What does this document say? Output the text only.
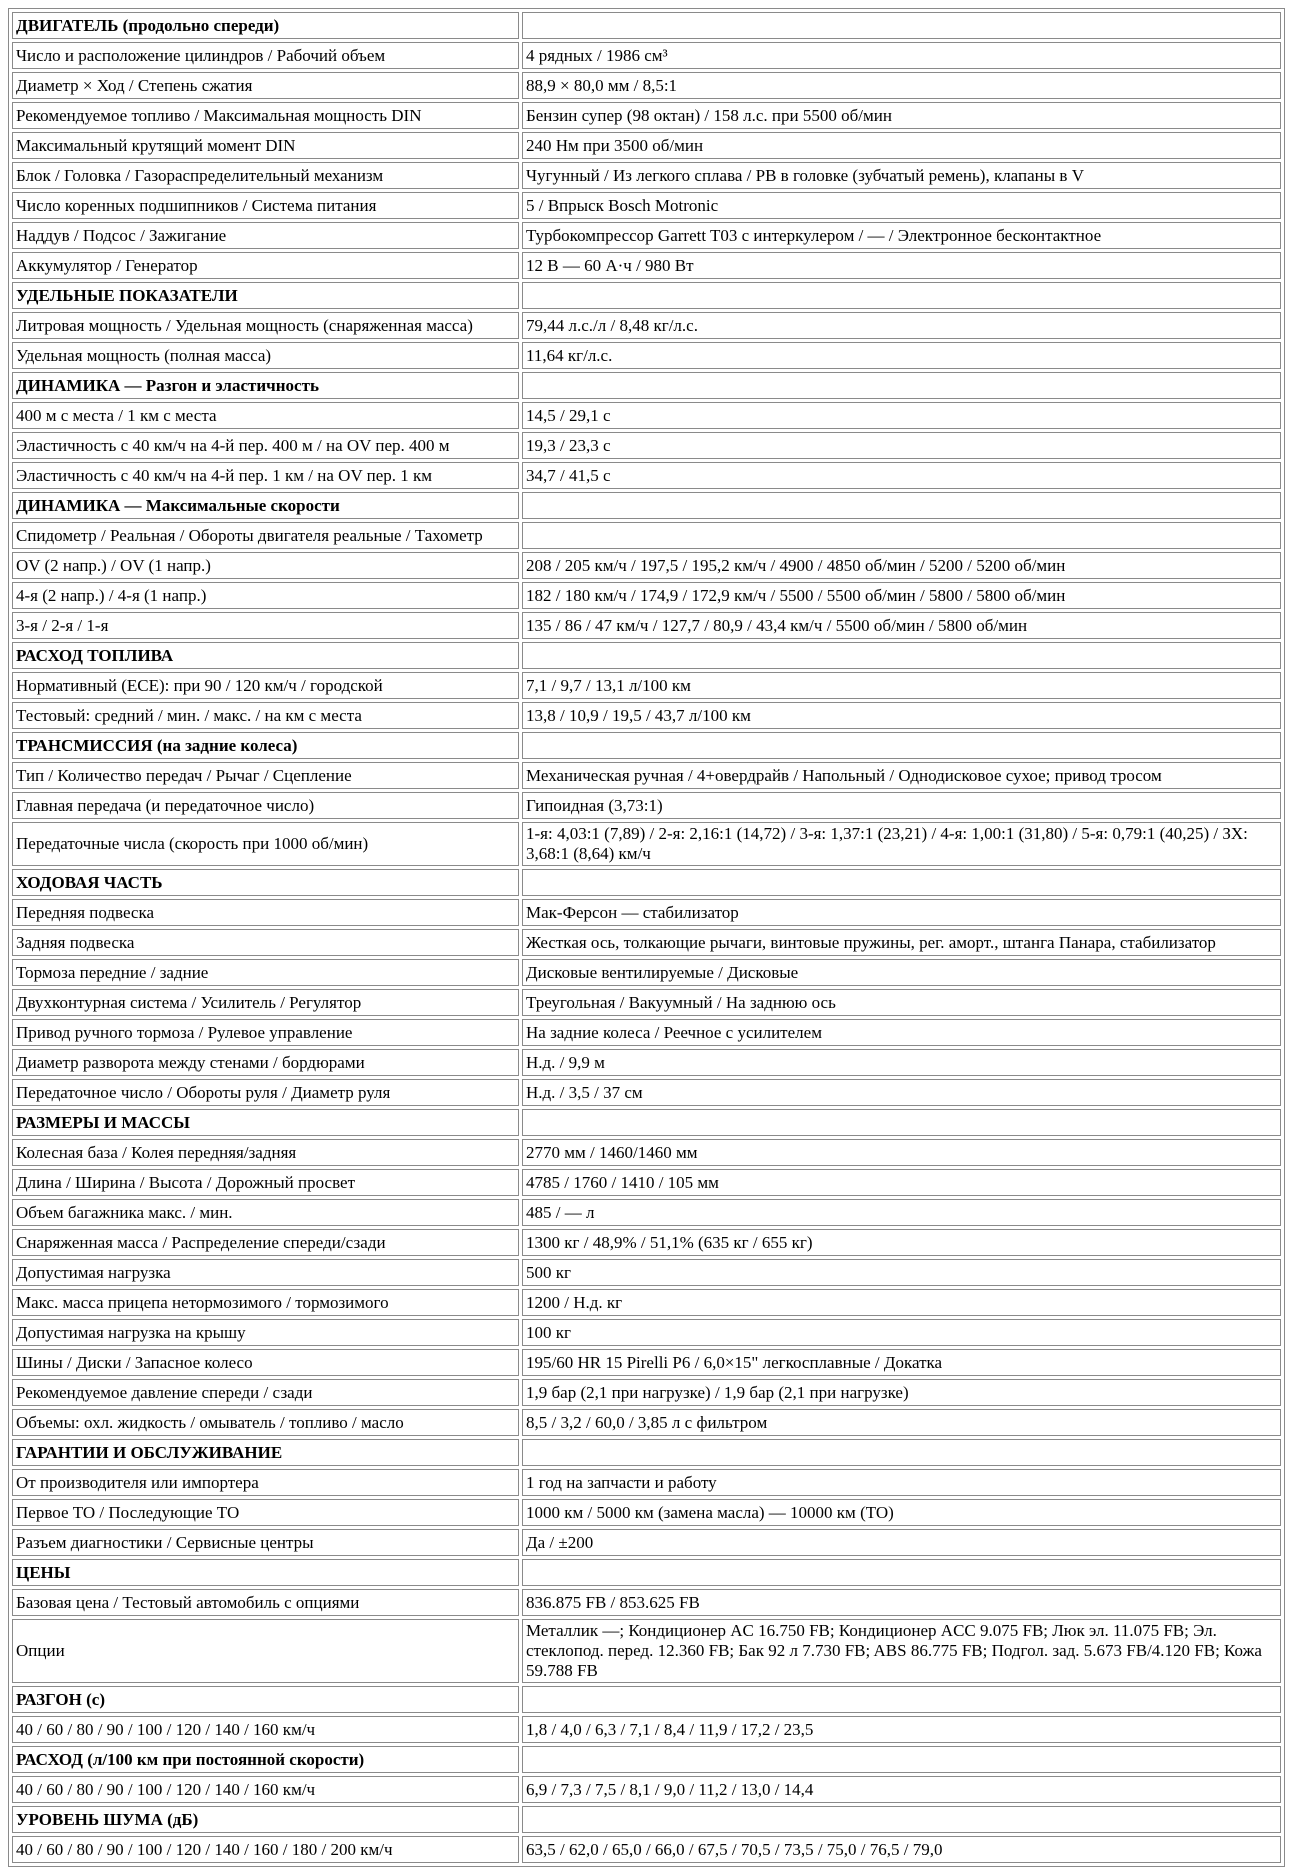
ДВИГАТЕЛЬ (продольно спереди)	
Число и расположение цилиндров / Рабочий объем	4 рядных / 1986 см³
Диаметр × Ход / Степень сжатия	88,9 × 80,0 мм / 8,5:1
Рекомендуемое топливо / Максимальная мощность DIN	Бензин супер (98 октан) / 158 л.с. при 5500 об/мин
Максимальный крутящий момент DIN	240 Нм при 3500 об/мин
Блок / Головка / Газораспределительный механизм	Чугунный / Из легкого сплава / РВ в головке (зубчатый ремень), клапаны в V
Число коренных подшипников / Система питания	5 / Впрыск Bosch Motronic
Наддув / Подсос / Зажигание	Турбокомпрессор Garrett T03 с интеркулером / — / Электронное бесконтактное
Аккумулятор / Генератор	12 В — 60 А·ч / 980 Вт
УДЕЛЬНЫЕ ПОКАЗАТЕЛИ	
Литровая мощность / Удельная мощность (снаряженная масса)	79,44 л.с./л / 8,48 кг/л.с.
Удельная мощность (полная масса)	11,64 кг/л.с.
ДИНАМИКА — Разгон и эластичность	
400 м с места / 1 км с места	14,5 / 29,1 с
Эластичность с 40 км/ч на 4-й пер. 400 м / на OV пер. 400 м	19,3 / 23,3 с
Эластичность с 40 км/ч на 4-й пер. 1 км / на OV пер. 1 км	34,7 / 41,5 с
ДИНАМИКА — Максимальные скорости	
Спидометр / Реальная / Обороты двигателя реальные / Тахометр	
OV (2 напр.) / OV (1 напр.)	208 / 205 км/ч / 197,5 / 195,2 км/ч / 4900 / 4850 об/мин / 5200 / 5200 об/мин
4-я (2 напр.) / 4-я (1 напр.)	182 / 180 км/ч / 174,9 / 172,9 км/ч / 5500 / 5500 об/мин / 5800 / 5800 об/мин
3-я / 2-я / 1-я	135 / 86 / 47 км/ч / 127,7 / 80,9 / 43,4 км/ч / 5500 об/мин / 5800 об/мин
РАСХОД ТОПЛИВА	
Нормативный (ECE): при 90 / 120 км/ч / городской	7,1 / 9,7 / 13,1 л/100 км
Тестовый: средний / мин. / макс. / на км с места	13,8 / 10,9 / 19,5 / 43,7 л/100 км
ТРАНСМИССИЯ (на задние колеса)	
Тип / Количество передач / Рычаг / Сцепление	Механическая ручная / 4+овердрайв / Напольный / Однодисковое сухое; привод тросом
Главная передача (и передаточное число)	Гипоидная (3,73:1)
Передаточные числа (скорость при 1000 об/мин)	1-я: 4,03:1 (7,89) / 2-я: 2,16:1 (14,72) / 3-я: 1,37:1 (23,21) / 4-я: 1,00:1 (31,80) / 5-я: 0,79:1 (40,25) / ЗХ: 3,68:1 (8,64) км/ч
ХОДОВАЯ ЧАСТЬ	
Передняя подвеска	Мак-Ферсон — стабилизатор
Задняя подвеска	Жесткая ось, толкающие рычаги, винтовые пружины, рег. аморт., штанга Панара, стабилизатор
Тормоза передние / задние	Дисковые вентилируемые / Дисковые
Двухконтурная система / Усилитель / Регулятор	Треугольная / Вакуумный / На заднюю ось
Привод ручного тормоза / Рулевое управление	На задние колеса / Реечное с усилителем
Диаметр разворота между стенами / бордюрами	Н.д. / 9,9 м
Передаточное число / Обороты руля / Диаметр руля	Н.д. / 3,5 / 37 см
РАЗМЕРЫ И МАССЫ	
Колесная база / Колея передняя/задняя	2770 мм / 1460/1460 мм
Длина / Ширина / Высота / Дорожный просвет	4785 / 1760 / 1410 / 105 мм
Объем багажника макс. / мин.	485 / — л
Снаряженная масса / Распределение спереди/сзади	1300 кг / 48,9% / 51,1% (635 кг / 655 кг)
Допустимая нагрузка	500 кг
Макс. масса прицепа нетормозимого / тормозимого	1200 / Н.д. кг
Допустимая нагрузка на крышу	100 кг
Шины / Диски / Запасное колесо	195/60 HR 15 Pirelli P6 / 6,0×15" легкосплавные / Докатка
Рекомендуемое давление спереди / сзади	1,9 бар (2,1 при нагрузке) / 1,9 бар (2,1 при нагрузке)
Объемы: охл. жидкость / омыватель / топливо / масло	8,5 / 3,2 / 60,0 / 3,85 л с фильтром
ГАРАНТИИ И ОБСЛУЖИВАНИЕ	
От производителя или импортера	1 год на запчасти и работу
Первое ТО / Последующие ТО	1000 км / 5000 км (замена масла) — 10000 км (ТО)
Разъем диагностики / Сервисные центры	Да / ±200
ЦЕНЫ	
Базовая цена / Тестовый автомобиль с опциями	836.875 FB / 853.625 FB
Опции	Металлик —; Кондиционер AC 16.750 FB; Кондиционер ACC 9.075 FB; Люк эл. 11.075 FB; Эл. стеклопод. перед. 12.360 FB; Бак 92 л 7.730 FB; ABS 86.775 FB; Подгол. зад. 5.673 FB/4.120 FB; Кожа 59.788 FB
РАЗГОН (с)	
40 / 60 / 80 / 90 / 100 / 120 / 140 / 160 км/ч	1,8 / 4,0 / 6,3 / 7,1 / 8,4 / 11,9 / 17,2 / 23,5
РАСХОД (л/100 км при постоянной скорости)	
40 / 60 / 80 / 90 / 100 / 120 / 140 / 160 км/ч	6,9 / 7,3 / 7,5 / 8,1 / 9,0 / 11,2 / 13,0 / 14,4
УРОВЕНЬ ШУМА (дБ)	
40 / 60 / 80 / 90 / 100 / 120 / 140 / 160 / 180 / 200 км/ч	63,5 / 62,0 / 65,0 / 66,0 / 67,5 / 70,5 / 73,5 / 75,0 / 76,5 / 79,0
